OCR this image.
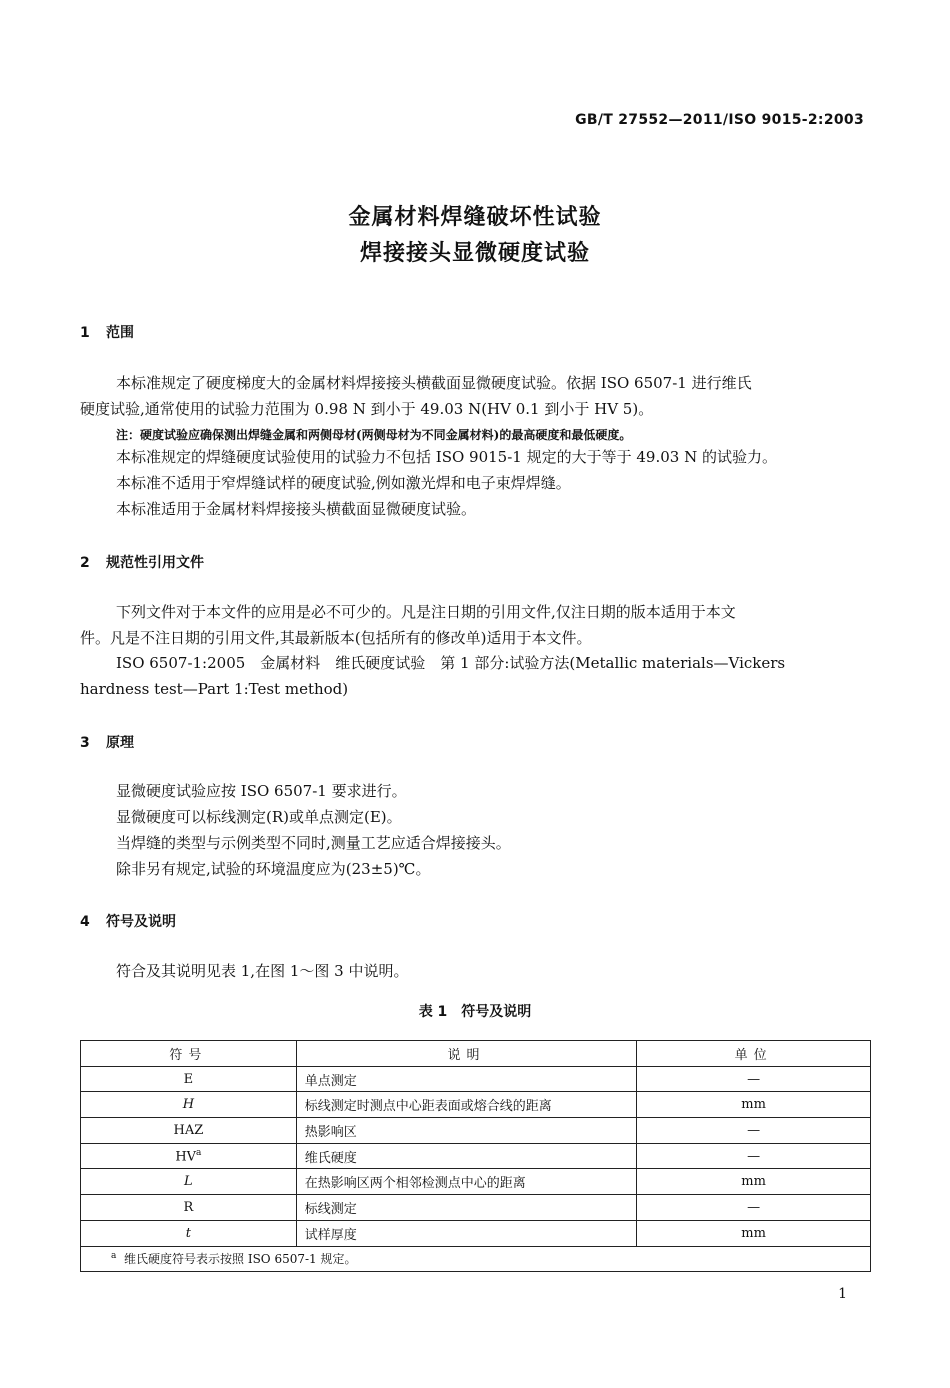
GB/T 27552—2011/ISO 9015-2:2003
金属材料焊缝破坏性试验
焊接接头显微硬度试验
1 范围
本标准规定了硬度梯度大的金属材料焊接接头横截面显微硬度试验。依据 ISO 6507-1 进行维氏
硬度试验,通常使用的试验力范围为 0.98 N 到小于 49.03 N(HV 0.1 到小于 HV 5)。
注：硬度试验应确保测出焊缝金属和两侧母材(两侧母材为不同金属材料)的最高硬度和最低硬度。
本标准规定的焊缝硬度试验使用的试验力不包括 ISO 9015-1 规定的大于等于 49.03 N 的试验力。
本标准不适用于窄焊缝试样的硬度试验,例如激光焊和电子束焊焊缝。
本标准适用于金属材料焊接接头横截面显微硬度试验。
2 规范性引用文件
下列文件对于本文件的应用是必不可少的。凡是注日期的引用文件,仅注日期的版本适用于本文
件。凡是不注日期的引用文件,其最新版本(包括所有的修改单)适用于本文件。
ISO 6507-1:2005　金属材料　维氏硬度试验　第 1 部分:试验方法(Metallic materials—Vickers
hardness test—Part 1:Test method)
3 原理
显微硬度试验应按 ISO 6507-1 要求进行。
显微硬度可以标线测定(R)或单点测定(E)。
当焊缝的类型与示例类型不同时,测量工艺应适合焊接接头。
除非另有规定,试验的环境温度应为(23±5)℃。
4 符号及说明
符合及其说明见表 1,在图 1～图 3 中说明。
表 1　符号及说明
符号	说明	单位
E	单点测定	—
H	标线测定时测点中心距表面或熔合线的距离	mm
HAZ	热影响区	—
$HV^a$	维氏硬度	—
L	在热影响区两个相邻检测点中心的距离	mm
R	标线测定	—
t	试样厚度	mm
$^a$ 维氏硬度符号表示按照 ISO 6507-1 规定。		
1
